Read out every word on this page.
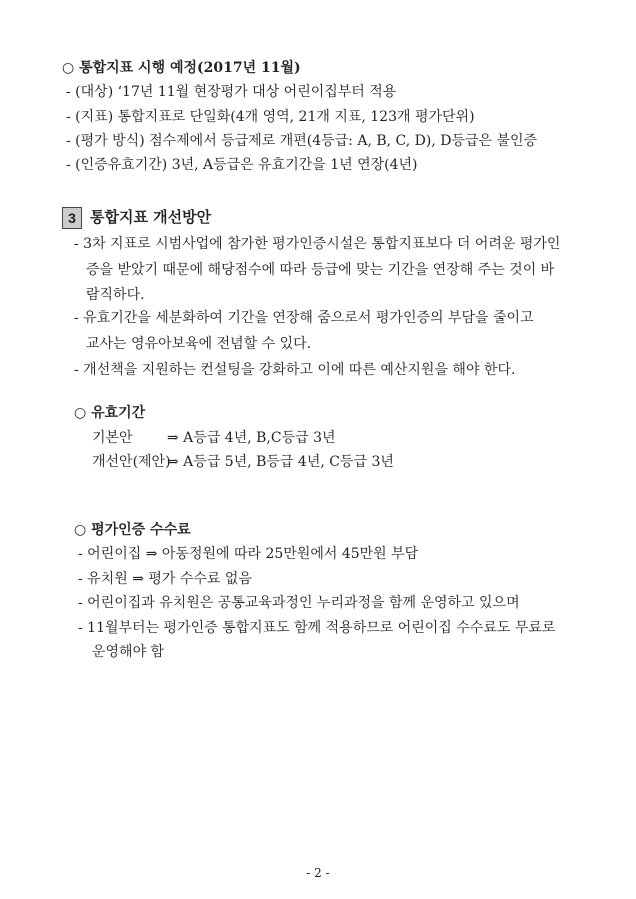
○ 통합지표 시행 예정(2017년 11월)
- (대상) ‘17년 11월 현장평가 대상 어린이집부터 적용
- (지표) 통합지표로 단일화(4개 영역, 21개 지표, 123개 평가단위)
- (평가 방식) 점수제에서 등급제로 개편(4등급: A, B, C, D), D등급은 불인증
- (인증유효기간) 3년, A등급은 유효기간을 1년 연장(4년)
3 통합지표 개선방안
- 3차 지표로 시범사업에 참가한 평가인증시설은 통합지표보다 더 어려운 평가인
증을 받았기 때문에 해당점수에 따라 등급에 맞는 기간을 연장해 주는 것이 바
람직하다.
- 유효기간을 세분화하여 기간을 연장해 줌으로서 평가인증의 부담을 줄이고
교사는 영유아보육에 전념할 수 있다.
- 개선책을 지원하는 컨설팅을 강화하고 이에 따른 예산지원을 해야 한다.
○ 유효기간
기본안 ⇒ A등급 4년, B,C등급 3년
개선안(제안)
⇒ A등급 5년, B등급 4년, C등급 3년
○ 평가인증 수수료
- 어린이집 ⇒ 아동정원에 따라 25만원에서 45만원 부담
- 유치원 ⇒ 평가 수수료 없음
- 어린이집과 유치원은 공통교육과정인 누리과정을 함께 운영하고 있으며
- 11월부터는 평가인증 통합지표도 함께 적용하므로 어린이집 수수료도 무료로
운영해야 함
- 2 -
